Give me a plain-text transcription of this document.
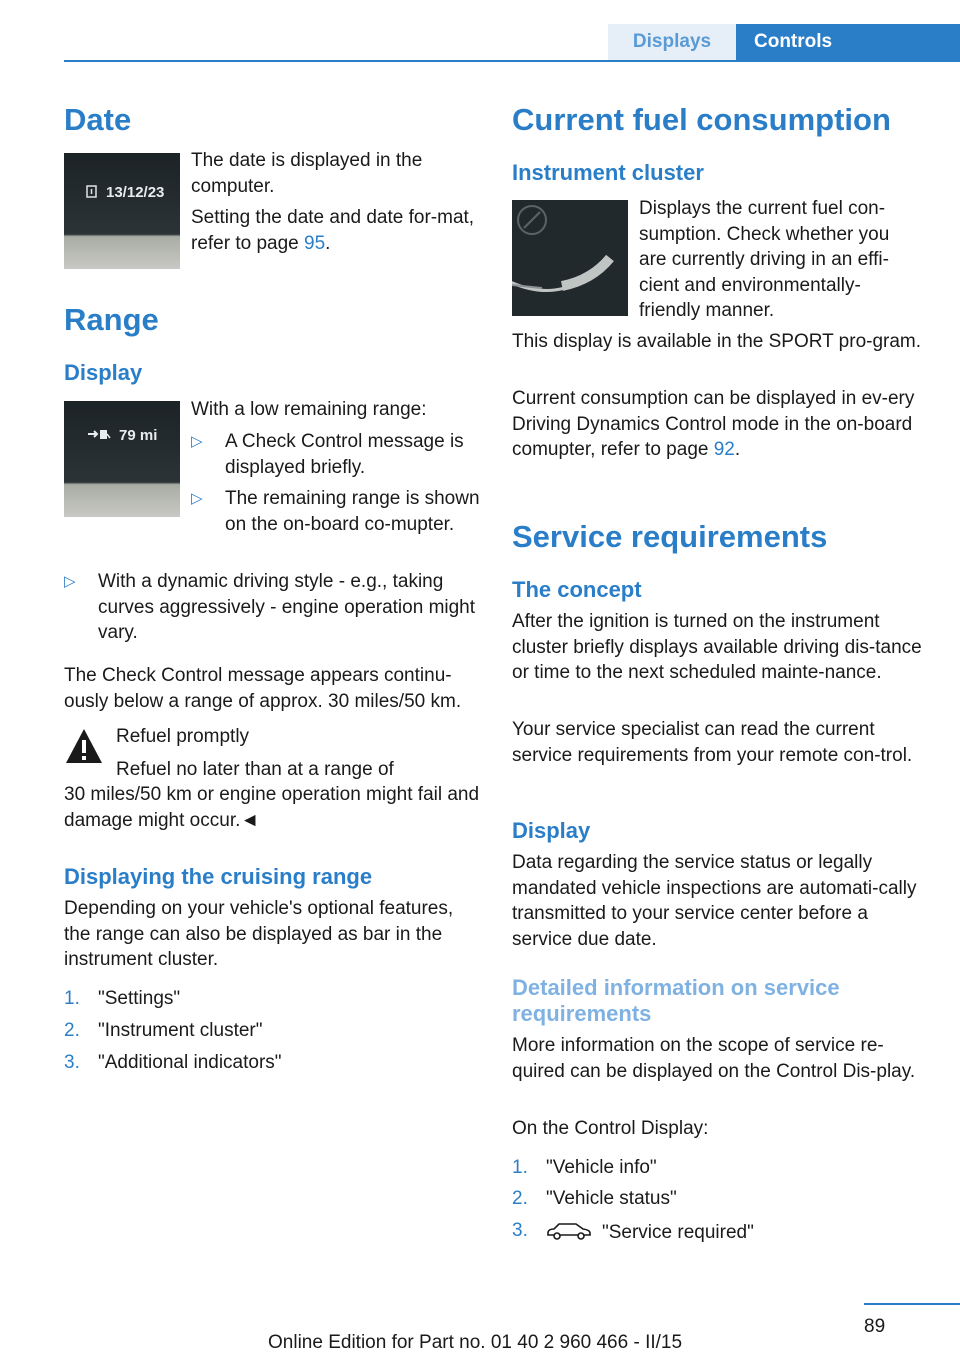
Displays	Controls
Date
13/12/23
The date is displayed in the computer.
Setting the date and date for-mat, refer to page 95.
Range
Display
79 mi
With a low remaining range:
▷ A Check Control message is displayed briefly.
▷ The remaining range is shown on the on-board co-mupter.
▷ With a dynamic driving style - e.g., taking curves aggressively - engine operation might vary.
The Check Control message appears continu-ously below a range of approx. 30 miles/50 km.
Refuel promptly
Refuel no later than at a range of
30 miles/50 km or engine operation might fail and damage might occur.◄
Displaying the cruising range
Depending on your vehicle's optional features, the range can also be displayed as bar in the instrument cluster.
1. "Settings"
2. "Instrument cluster"
3. "Additional indicators"
Current fuel consumption
Instrument cluster
Displays the current fuel con-sumption. Check whether you are currently driving in an effi-cient and environmentally-friendly manner.
This display is available in the SPORT pro-gram.
Current consumption can be displayed in ev-ery Driving Dynamics Control mode in the on-board comupter, refer to page 92.
Service requirements
The concept
After the ignition is turned on the instrument cluster briefly displays available driving dis-tance or time to the next scheduled mainte-nance.
Your service specialist can read the current service requirements from your remote con-trol.
Display
Data regarding the service status or legally mandated vehicle inspections are automati-cally transmitted to your service center before a service due date.
Detailed information on service requirements
More information on the scope of service re-quired can be displayed on the Control Dis-play.
On the Control Display:
1. "Vehicle info"
2. "Vehicle status"
3.	"Service required"
89
Online Edition for Part no. 01 40 2 960 466 - II/15
